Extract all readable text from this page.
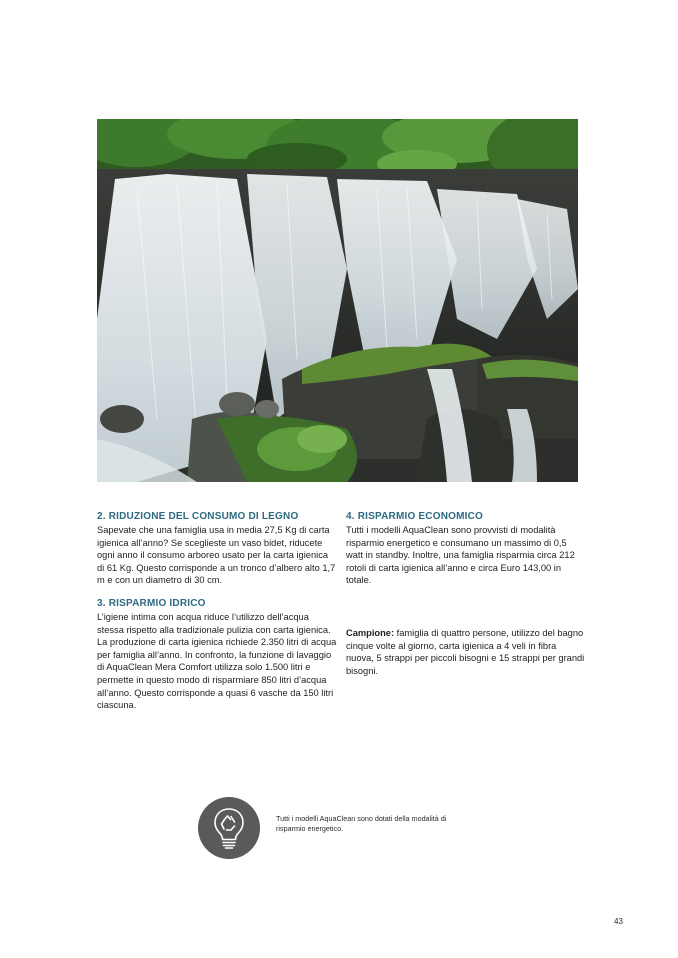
2. RIDUZIONE DEL CONSUMO DI LEGNO

Sapevate che una famiglia usa in media 27,5 Kg di carta igienica all’anno? Se sceglieste un vaso bidet, riducete ogni anno il consumo arboreo usato per la carta igienica di 61 Kg. Questo corrisponde a un tronco d’albero alto 1,7 m e con un diametro di 30 cm.

3. RISPARMIO IDRICO

L’igiene intima con acqua riduce l’utilizzo dell’acqua stessa rispetto alla tradizionale pulizia con carta igienica. La produzione di carta igienica richiede 2.350 litri di acqua per famiglia all’anno. In confronto, la funzione di lavaggio di AquaClean Mera Comfort utilizza solo 1.500 litri e permette in questo modo di risparmiare 850 litri d’acqua all’anno. Questo corrisponde a quasi 6 vasche da 150 litri ciascuna.

4. RISPARMIO ECONOMICO

Tutti i modelli AquaClean sono provvisti di modalità risparmio energetico e consumano un massimo di 0,5 watt in standby. Inoltre, una famiglia risparmia circa 212 rotoli di carta igienica all’anno e circa Euro 143,00 in totale.

Campione: famiglia di quattro persone, utilizzo del bagno cinque volte al giorno, carta igienica a 4 veli in fibra nuova, 5 strappi per piccoli bisogni e 15 strappi per grandi bisogni.

Tutti i modelli AquaClean sono dotati della modalità di risparmio energetico.

43
